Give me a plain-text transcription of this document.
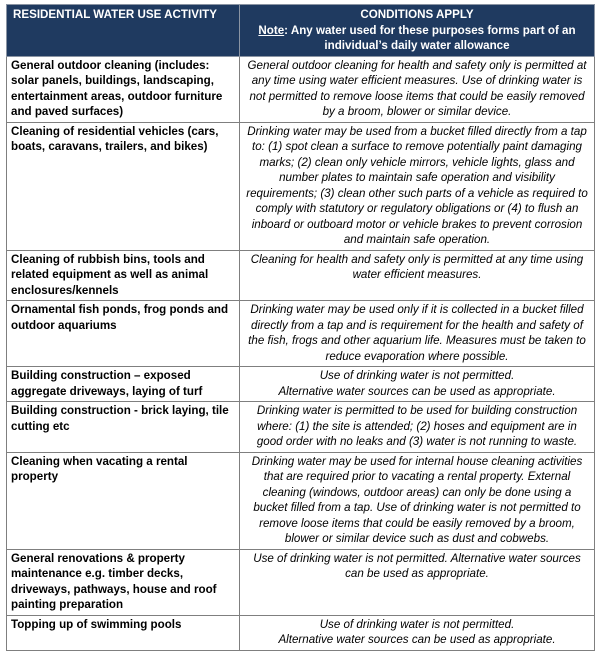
RESIDENTIAL WATER USE ACTIVITY	CONDITIONS APPLY
Note: Any water used for these purposes forms part of an individual’s daily water allowance

General outdoor cleaning (includes: solar panels, buildings, landscaping, entertainment areas, outdoor furniture and paved surfaces)	General outdoor cleaning for health and safety only is permitted at any time using water efficient measures. Use of drinking water is not permitted to remove loose items that could be easily removed by a broom, blower or similar device.

Cleaning of residential vehicles (cars, boats, caravans, trailers, and bikes)	Drinking water may be used from a bucket filled directly from a tap to: (1) spot clean a surface to remove potentially paint damaging marks; (2) clean only vehicle mirrors, vehicle lights, glass and number plates to maintain safe operation and visibility requirements; (3) clean other such parts of a vehicle as required to comply with statutory or regulatory obligations or (4) to flush an inboard or outboard motor or vehicle brakes to prevent corrosion and maintain safe operation.

Cleaning of rubbish bins, tools and related equipment as well as animal enclosures/kennels	Cleaning for health and safety only is permitted at any time using water efficient measures.

Ornamental fish ponds, frog ponds and outdoor aquariums	Drinking water may be used only if it is collected in a bucket filled directly from a tap and is requirement for the health and safety of the fish, frogs and other aquarium life. Measures must be taken to reduce evaporation where possible.

Building construction – exposed aggregate driveways, laying of turf	Use of drinking water is not permitted.
Alternative water sources can be used as appropriate.

Building construction - brick laying, tile cutting etc	Drinking water is permitted to be used for building construction where: (1) the site is attended; (2) hoses and equipment are in good order with no leaks and (3) water is not running to waste.

Cleaning when vacating a rental property	Drinking water may be used for internal house cleaning activities that are required prior to vacating a rental property. External cleaning (windows, outdoor areas) can only be done using a bucket filled from a tap. Use of drinking water is not permitted to remove loose items that could be easily removed by a broom, blower or similar device such as dust and cobwebs.

General renovations & property maintenance e.g. timber decks, driveways, pathways, house and roof painting preparation	Use of drinking water is not permitted. Alternative water sources can be used as appropriate.

Topping up of swimming pools	Use of drinking water is not permitted.
Alternative water sources can be used as appropriate.
